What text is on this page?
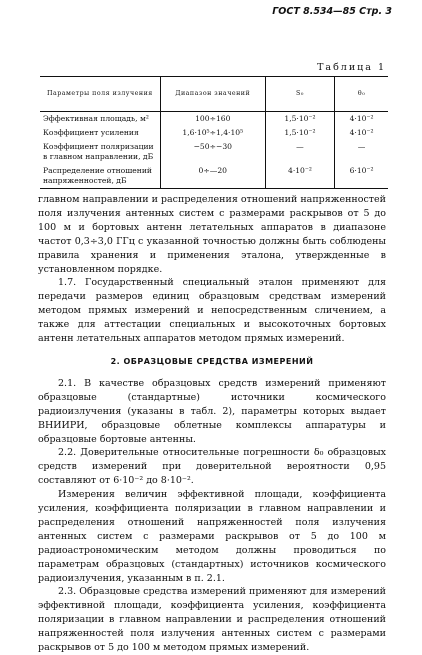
ГОСТ 8.534—85 Стр. 3
Таблица 1
Параметры поля излучения	Диапазон значений	S₀	θ₀
Эффективная площадь, м²	100÷160	1,5·10⁻²	4·10⁻²
Коэффициент усиления	1,6·10⁵÷1,4·10⁵	1,5·10⁻²	4·10⁻²
Коэффициент поляризации в главном направлении, дБ	−50÷−30	—	—
Распределение отношений напряженностей, дБ	0÷—20	4·10⁻²	6·10⁻²

главном направлении и распределения отношений напряженностей поля излучения антенных систем с размерами раскрывов от 5 до 100 м и бортовых антенн летательных аппаратов в диапазоне частот 0,3÷3,0 ГГц с указанной точностью должны быть соблюдены правила хранения и применения эталона, утвержденные в установленном порядке.

1.7. Государственный специальный эталон применяют для передачи размеров единиц образцовым средствам измерений методом прямых измерений и непосредственным сличением, а также для аттестации специальных и высокоточных бортовых антенн летательных аппаратов методом прямых измерений.

2. ОБРАЗЦОВЫЕ СРЕДСТВА ИЗМЕРЕНИЙ

2.1. В качестве образцовых средств измерений применяют образцовые (стандартные) источники космического радиоизлучения (указаны в табл. 2), параметры которых выдает ВНИИРИ, образцовые облетные комплексы аппаратуры и образцовые бортовые антенны.

2.2. Доверительные относительные погрешности δ₀ образцовых средств измерений при доверительной вероятности 0,95 составляют от 6·10⁻² до 8·10⁻².

Измерения величин эффективной площади, коэффициента усиления, коэффициента поляризации в главном направлении и распределения отношений напряженностей поля излучения антенных систем с размерами раскрывов от 5 до 100 м радиоастрономическим методом должны проводиться по параметрам образцовых (стандартных) источников космического радиоизлучения, указанным в п. 2.1.

2.3. Образцовые средства измерений применяют для измерений эффективной площади, коэффициента усиления, коэффициента поляризации в главном направлении и распределения отношений напряженностей поля излучения антенных систем с размерами раскрывов от 5 до 100 м методом прямых измерений.
